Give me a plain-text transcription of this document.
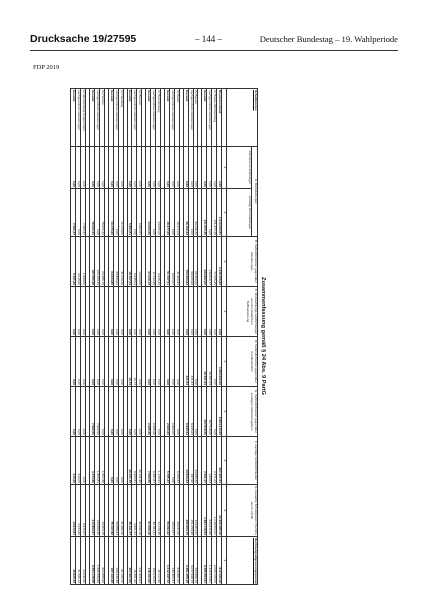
Drucksache 19/27595	– 144 –	Deutscher Bundestag – 19. Wahlperiode
FDP 2019
Zusammenfassung gemäß § 24 Abs. 9 PartG
Schuldposten	A. Rückstellungen		B. Verbindlichkeiten gegenüber Gliederungen	C. Rückzahlungs-verpflichtungen aus der staatlichen Teilfinanzierung	D. Verbindlichkeiten gegenüber Kreditinstituten	E. Verbindlichkeiten gegenüber sonstigen Darlehensgebern	F. sonstige Verbindlichkeiten	G. Gesamte Schuldposten (Summe aus A und B)	Rechnungsabgrenzungsposten
	Pensions-rückstellungen	sonstige Rückstellungen							
	€	€	€	€	€	€	€	€	€
Bundesverband	0,00	4.419.000,81	4.439.365,98	0,00	4.803.000,00	6.864.210,00	667.387,61	22.609.385,40	-812.166,48
LV Baden-Württemberg	0,00	211.977,25	77.005,25	0,00	0,00	0,00	2.371,64	1.048.500,67	2.068.720,00
nachgeordnete Gliederungen	0,00	0,00	146.816,77	0,00	49.487,34	367.518,50	139,53	634.615,86	1.416.674,81
Gesamt	0,00	211.977,25	223.822,02	0,00	49.487,34	367.518,50	2.511,17	1.683.116,53	3.485.394,81

LV Bayern	0,00	39.192,42	60.300,00	0,00	0,00	0,00	43.835,33	119.904,17	343.856,72
nachgeordnete Gliederungen	0,00	0,00	93.000,62	0,00	341,54	8.645,64	187,90	151.059,98	3.037.598,73
Gesamt	0,00	39.192,42	153.300,62	0,00	341,54	8.645,64	43.523,23	265.953,75	3.381.455,45

LV Berlin	0,00	18.477,09	41.906,94	0,00	0,00	0,00	5.765,37	43.037,65	876.867,21
nachgeordnete Gliederungen	0,00	0,00	9.024,57	0,00	0,00	2.900,00	0,00	13.024,57	136.300,51
Gesamt	0,00	18.477,09	51.727,51	0,00	0,00	2.900,00	5.765,37	56.062,22	1.012.167,72

LV Brandenburg	0,00	13.000,00	9.936,44	0,00	0,00	0,00	1.178,91	24.115,35	26.117,96
nachgeordnete Gliederungen	0,00	0,00	17.112,68	0,00	0,00	2.295,66	6.387,67	32.941,11	152.076,54
Gesamt	0,00	13.000,00	27.049,12	0,00	0,00	2.295,66	7.566,58	57.056,46	178.194,50

LV Bremen	0,00	5.884,51	13.069,00	0,00	0,00	0,00	20.011,95	30.690,16	231.605,94
nachgeordnete Gliederungen	0,00	0,00	5.638,04	0,00	19,73	0,00	8.999,81	4.921,61	76.361,62
Gesamt	0,00	5.884,51	18.707,04	0,00	19,73	0,00	29.011,76	35.611,77	307.967,56

LV Hamburg	0,00	10.173,00	31.079,16	0,00	0,00	0,00	0,00	41.252,16	61.722,70
nachgeordnete Gliederungen	0,00	0,00	33.855,64	0,00	0,00	0,00	0,00	33.855,64	125.440,68
Gesamt	0,00	10.173,00	64.934,80	0,00	0,00	0,00	0,00	75.107,80	187.163,38

LV Hessen	0,00	78.000,34	63.385,79	0,00	0,00	0,00	1.567,88	79.903,75	663.888,99
nachgeordnete Gliederungen	0,00	0,00	124.183,49	0,00	0,00	7.969,52	1.805,81	133.958,92	1.890.289,89
Gesamt	0,00	78.000,34	187.569,28	0,00	0,00	7.969,52	3.373,69	213.862,67	2.554.178,88

LV Mecklenburg-Vorpommern	0,00	7.483,37	1.893,00	0,00	0,00	0,00	0,00	9.376,37	14.230,20
nachgeordnete Gliederungen	0,00	0,00	4.018,60	0,00	0,00	0,00	216,00	4.234,60	31.696,13
Gesamt	0,00	7.483,37	5.911,60	0,00	0,00	0,00	216,00	13.610,97	45.926,33
